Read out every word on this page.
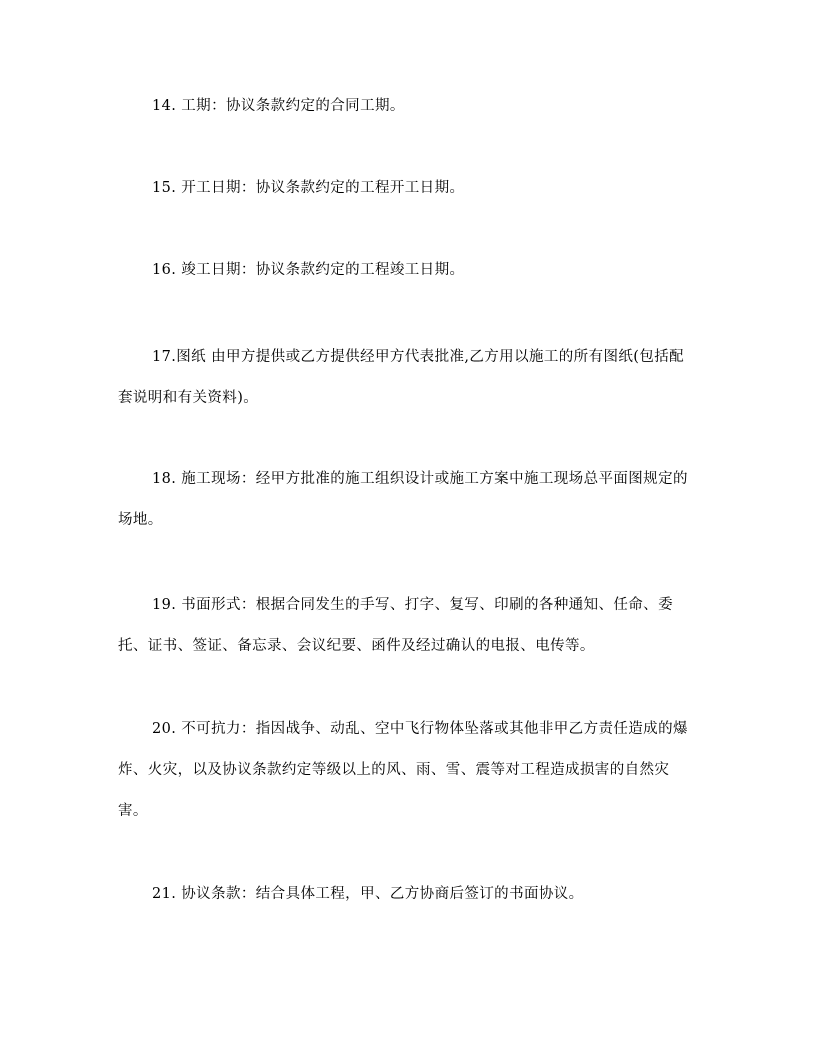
14. 工期：协议条款约定的合同工期。

15. 开工日期：协议条款约定的工程开工日期。

16. 竣工日期：协议条款约定的工程竣工日期。

17.图纸 由甲方提供或乙方提供经甲方代表批准,乙方用以施工的所有图纸(包括配套说明和有关资料)。

18. 施工现场：经甲方批准的施工组织设计或施工方案中施工现场总平面图规定的场地。

19. 书面形式：根据合同发生的手写、打字、复写、印刷的各种通知、任命、委托、证书、签证、备忘录、会议纪要、函件及经过确认的电报、电传等。

20. 不可抗力：指因战争、动乱、空中飞行物体坠落或其他非甲乙方责任造成的爆炸、火灾，以及协议条款约定等级以上的风、雨、雪、震等对工程造成损害的自然灾害。

21. 协议条款：结合具体工程，甲、乙方协商后签订的书面协议。
